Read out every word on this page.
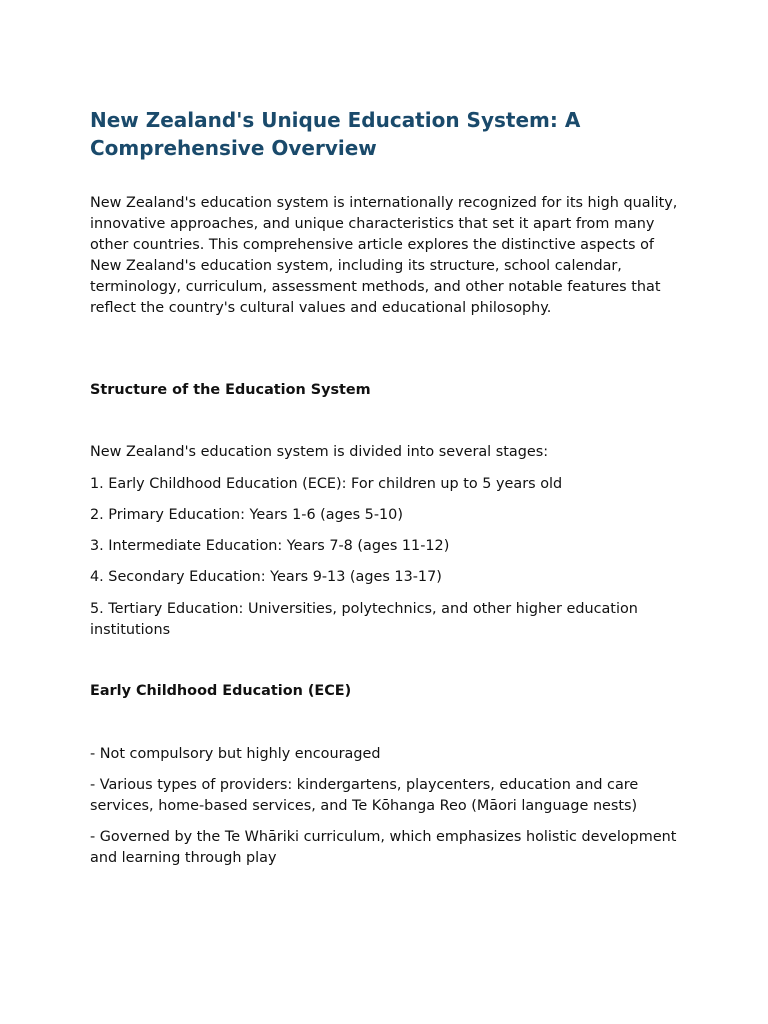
New Zealand's Unique Education System: A Comprehensive Overview

New Zealand's education system is internationally recognized for its high quality, innovative approaches, and unique characteristics that set it apart from many other countries. This comprehensive article explores the distinctive aspects of New Zealand's education system, including its structure, school calendar, terminology, curriculum, assessment methods, and other notable features that reflect the country's cultural values and educational philosophy.

Structure of the Education System

New Zealand's education system is divided into several stages:

1. Early Childhood Education (ECE): For children up to 5 years old

2. Primary Education: Years 1-6 (ages 5-10)

3. Intermediate Education: Years 7-8 (ages 11-12)

4. Secondary Education: Years 9-13 (ages 13-17)

5. Tertiary Education: Universities, polytechnics, and other higher education institutions

Early Childhood Education (ECE)

- Not compulsory but highly encouraged

- Various types of providers: kindergartens, playcenters, education and care services, home-based services, and Te Kōhanga Reo (Māori language nests)

- Governed by the Te Whāriki curriculum, which emphasizes holistic development and learning through play
